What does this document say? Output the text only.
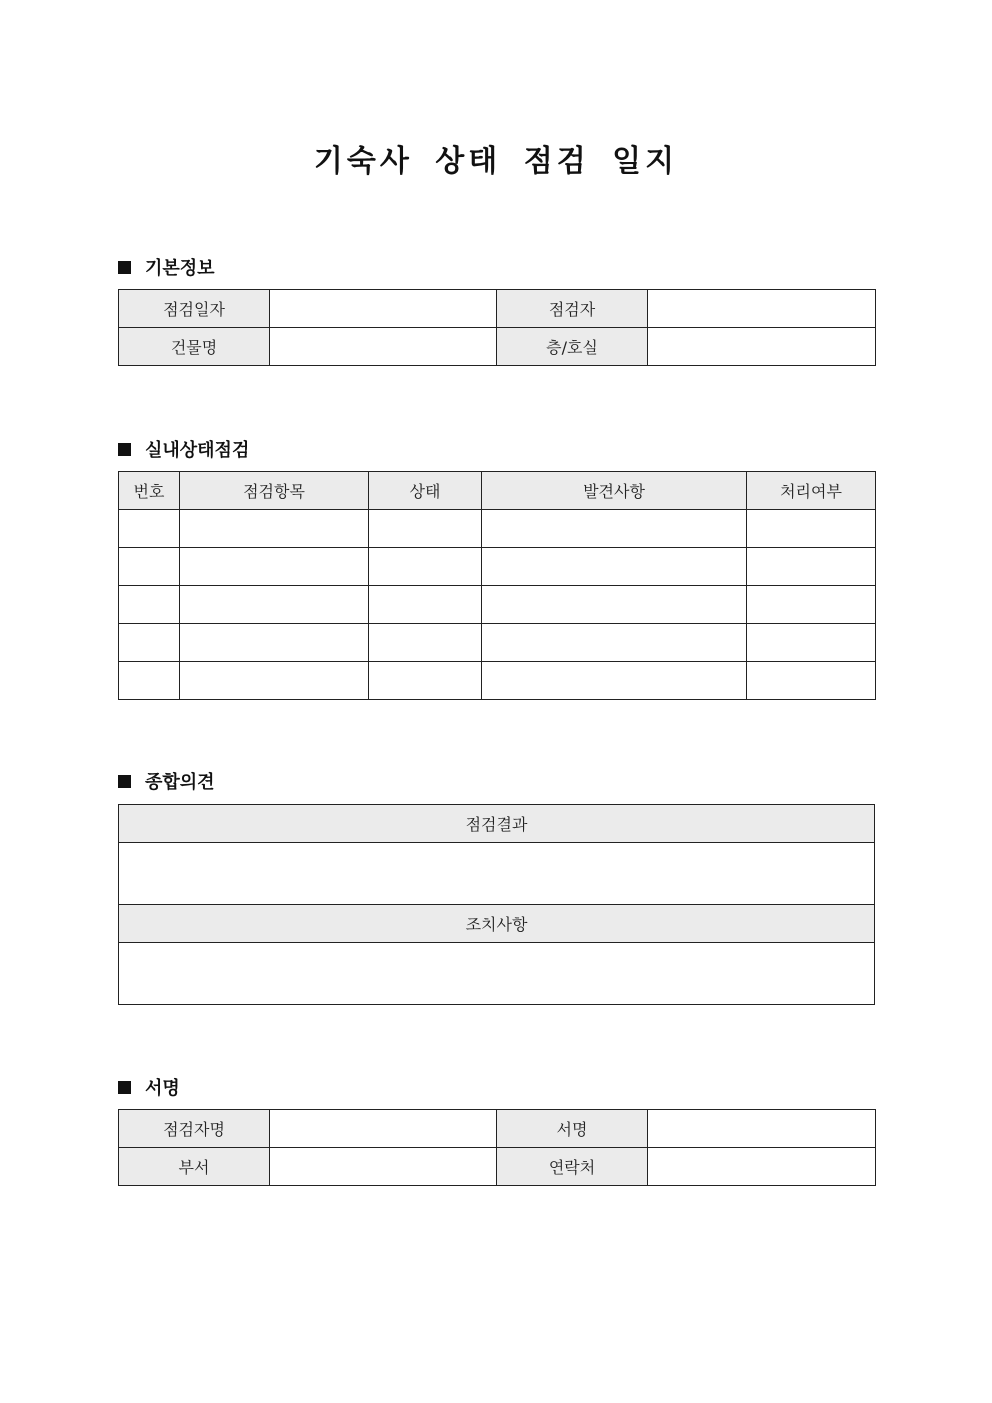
기숙사 상태 점검 일지
기본정보
점검일자		점검자	
건물명		층/호실	
실내상태점검
번호	점검항목	상태	발견사항	처리여부

종합의견
점검결과

조치사항

서명
점검자명		서명	
부서		연락처	
